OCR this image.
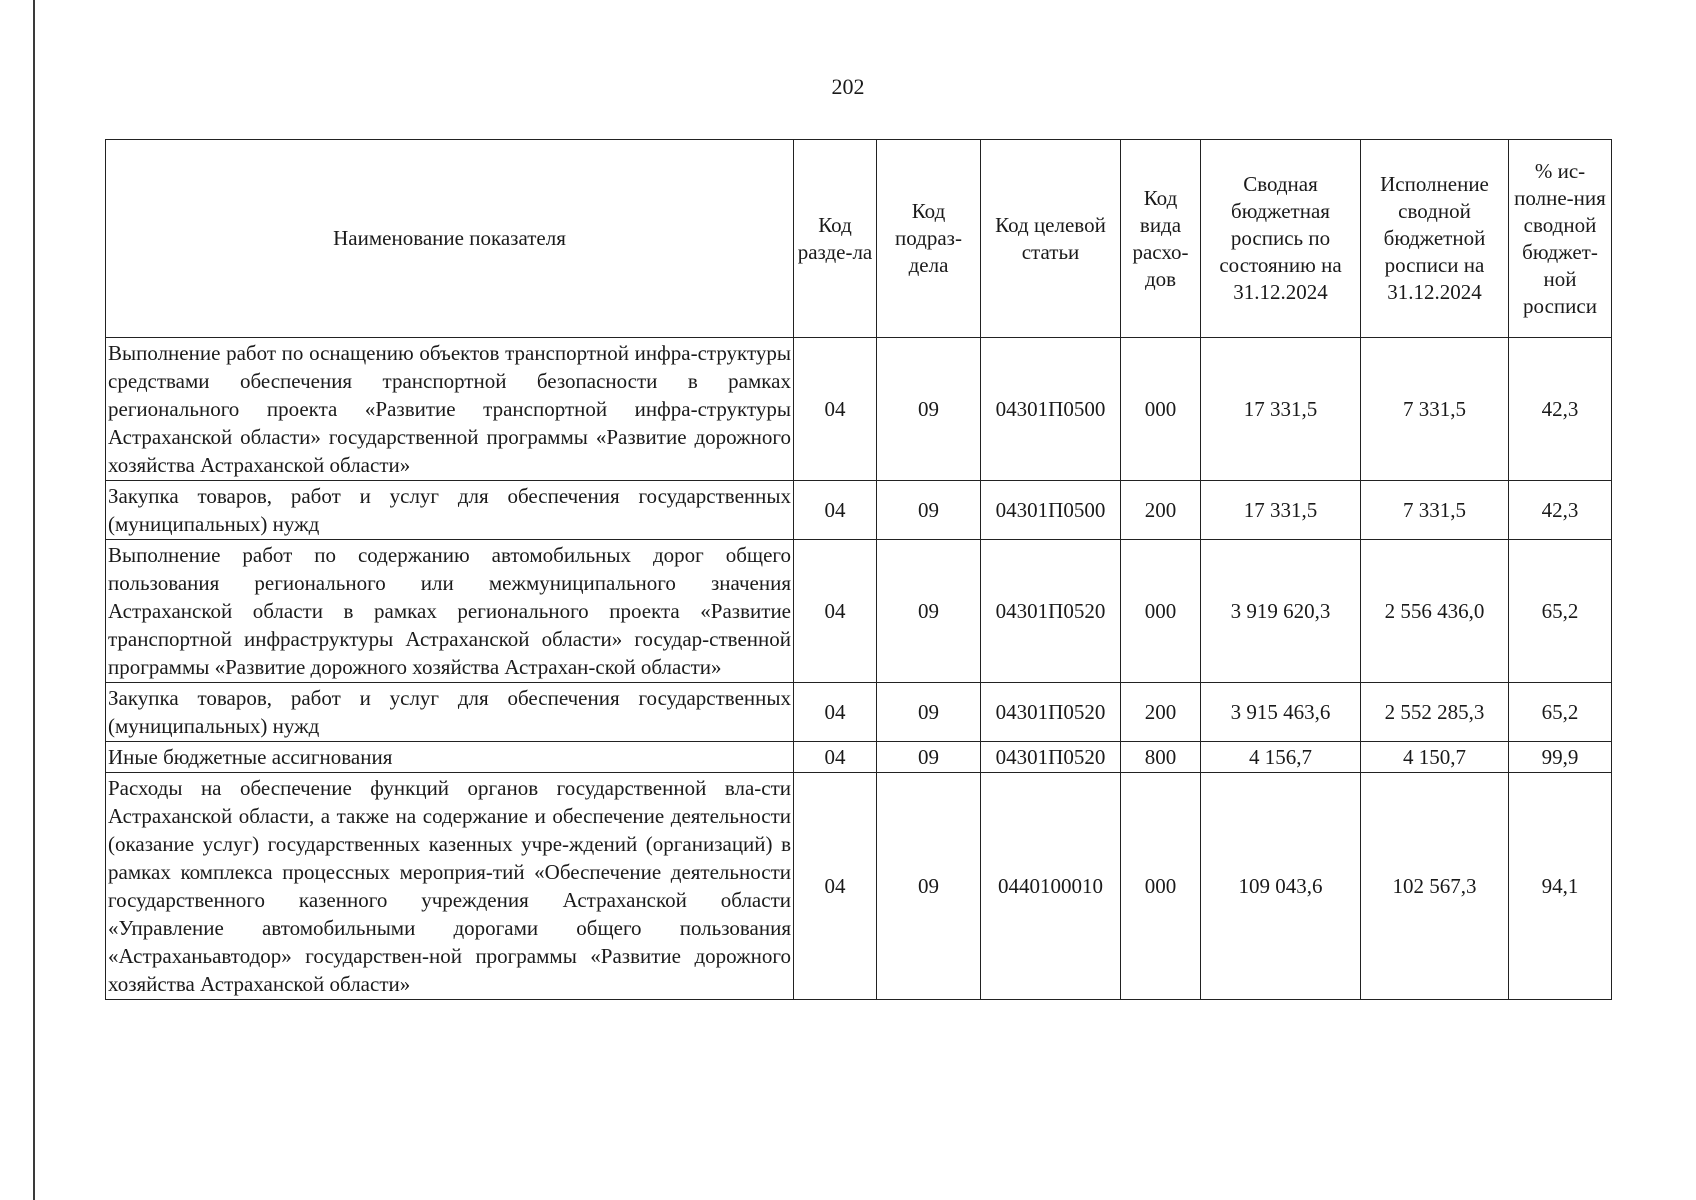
202
Наименование показателя	Код разде-ла	Код подраз-дела	Код целевой статьи	Код вида расхо-дов	Сводная бюджетная роспись по состоянию на 31.12.2024	Исполнение сводной бюджетной росписи на 31.12.2024	% ис-полне-ния сводной бюджет-ной росписи
Выполнение работ по оснащению объектов транспортной инфра-структуры средствами обеспечения транспортной безопасности в рамках регионального проекта «Развитие транспортной инфра-структуры Астраханской области» государственной программы «Развитие дорожного хозяйства Астраханской области»	04	09	04301П0500	000	17 331,5	7 331,5	42,3
Закупка товаров, работ и услуг для обеспечения государственных (муниципальных) нужд	04	09	04301П0500	200	17 331,5	7 331,5	42,3
Выполнение работ по содержанию автомобильных дорог общего пользования регионального или межмуниципального значения Астраханской области в рамках регионального проекта «Развитие транспортной инфраструктуры Астраханской области» государ-ственной программы «Развитие дорожного хозяйства Астрахан-ской области»	04	09	04301П0520	000	3 919 620,3	2 556 436,0	65,2
Закупка товаров, работ и услуг для обеспечения государственных (муниципальных) нужд	04	09	04301П0520	200	3 915 463,6	2 552 285,3	65,2
Иные бюджетные ассигнования	04	09	04301П0520	800	4 156,7	4 150,7	99,9
Расходы на обеспечение функций органов государственной вла-сти Астраханской области, а также на содержание и обеспечение деятельности (оказание услуг) государственных казенных учре-ждений (организаций) в рамках комплекса процессных мероприя-тий «Обеспечение деятельности государственного казенного учреждения Астраханской области «Управление автомобильными дорогами общего пользования «Астраханьавтодор» государствен-ной программы «Развитие дорожного хозяйства Астраханской области»	04	09	0440100010	000	109 043,6	102 567,3	94,1
